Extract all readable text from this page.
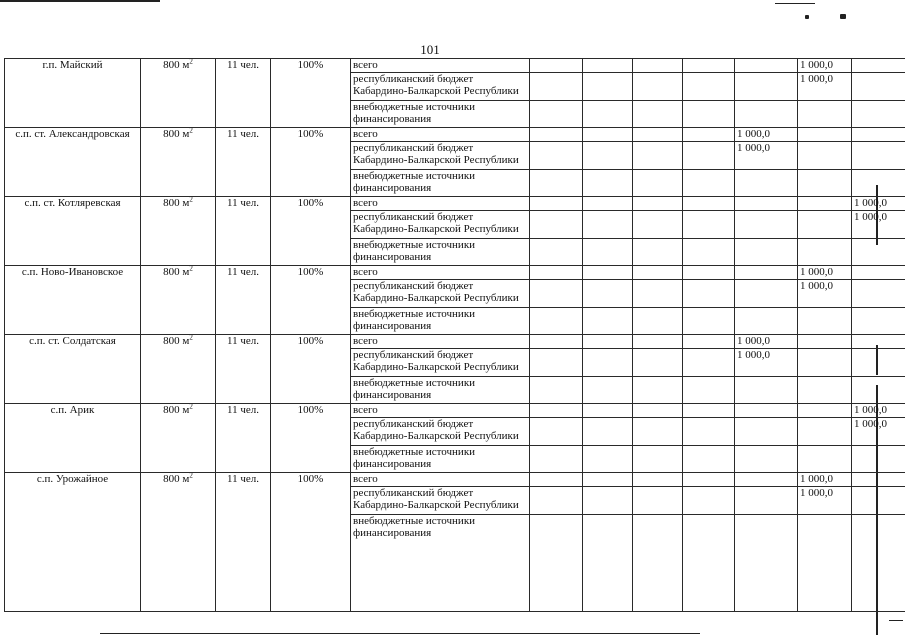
101
г.п. Майский	800 $м^2$	11 чел.	100%	всего						1 000,0	
				республиканский бюджет Кабардино-Балкарской Республики						1 000,0	
				внебюджетные источники финансирования							
с.п. ст. Александровская	800 $м^2$	11 чел.	100%	всего					1 000,0		
				республиканский бюджет Кабардино-Балкарской Республики					1 000,0		
				внебюджетные источники финансирования							
с.п. ст. Котляревская	800 $м^2$	11 чел.	100%	всего							1 000,0
				республиканский бюджет Кабардино-Балкарской Республики							1 000,0
				внебюджетные источники финансирования							
с.п. Ново-Ивановское	800 $м^2$	11 чел.	100%	всего						1 000,0	
				республиканский бюджет Кабардино-Балкарской Республики						1 000,0	
				внебюджетные источники финансирования							
с.п. ст. Солдатская	800 $м^2$	11 чел.	100%	всего					1 000,0		
				республиканский бюджет Кабардино-Балкарской Республики					1 000,0		
				внебюджетные источники финансирования							
с.п. Арик	800 $м^2$	11 чел.	100%	всего							1 000,0
				республиканский бюджет Кабардино-Балкарской Республики							1 000,0
				внебюджетные источники финансирования							
с.п. Урожайное	800 $м^2$	11 чел.	100%	всего						1 000,0	
				республиканский бюджет Кабардино-Балкарской Республики						1 000,0	
				внебюджетные источники финансирования							
